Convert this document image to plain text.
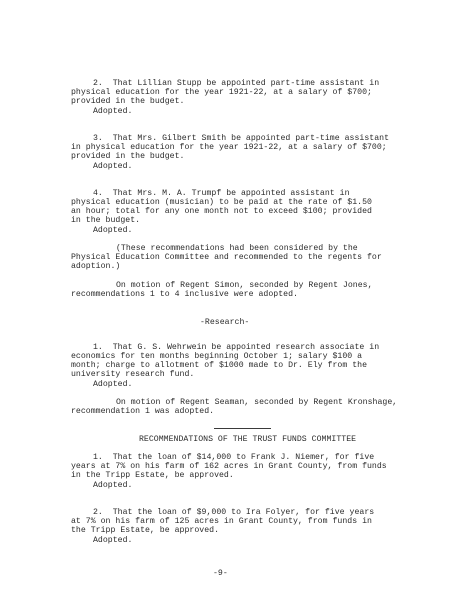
2.  That Lillian Stupp be appointed part-time assistant in
physical education for the year 1921-22, at a salary of $700;
provided in the budget.
Adopted.
3.  That Mrs. Gilbert Smith be appointed part-time assistant
in physical education for the year 1921-22, at a salary of $700;
provided in the budget.
Adopted.
4.  That Mrs. M. A. Trumpf be appointed assistant in
physical education (musician) to be paid at the rate of $1.50
an hour; total for any one month not to exceed $100; provided
in the budget.
Adopted.
(These recommendations had been considered by the
Physical Education Committee and recommended to the regents for
adoption.)
On motion of Regent Simon, seconded by Regent Jones,
recommendations 1 to 4 inclusive were adopted.
-Research-
1.  That G. S. Wehrwein be appointed research associate in
economics for ten months beginning October 1; salary $100 a
month; charge to allotment of $1000 made to Dr. Ely from the
university research fund.
Adopted.
On motion of Regent Seaman, seconded by Regent Kronshage,
recommendation 1 was adopted.
RECOMMENDATIONS OF THE TRUST FUNDS COMMITTEE
1.  That the loan of $14,000 to Frank J. Niemer, for five
years at 7% on his farm of 162 acres in Grant County, from funds
in the Tripp Estate, be approved.
Adopted.
2.  That the loan of $9,000 to Ira Folyer, for five years
at 7% on his farm of 125 acres in Grant County, from funds in
the Tripp Estate, be approved.
Adopted.
-9-
